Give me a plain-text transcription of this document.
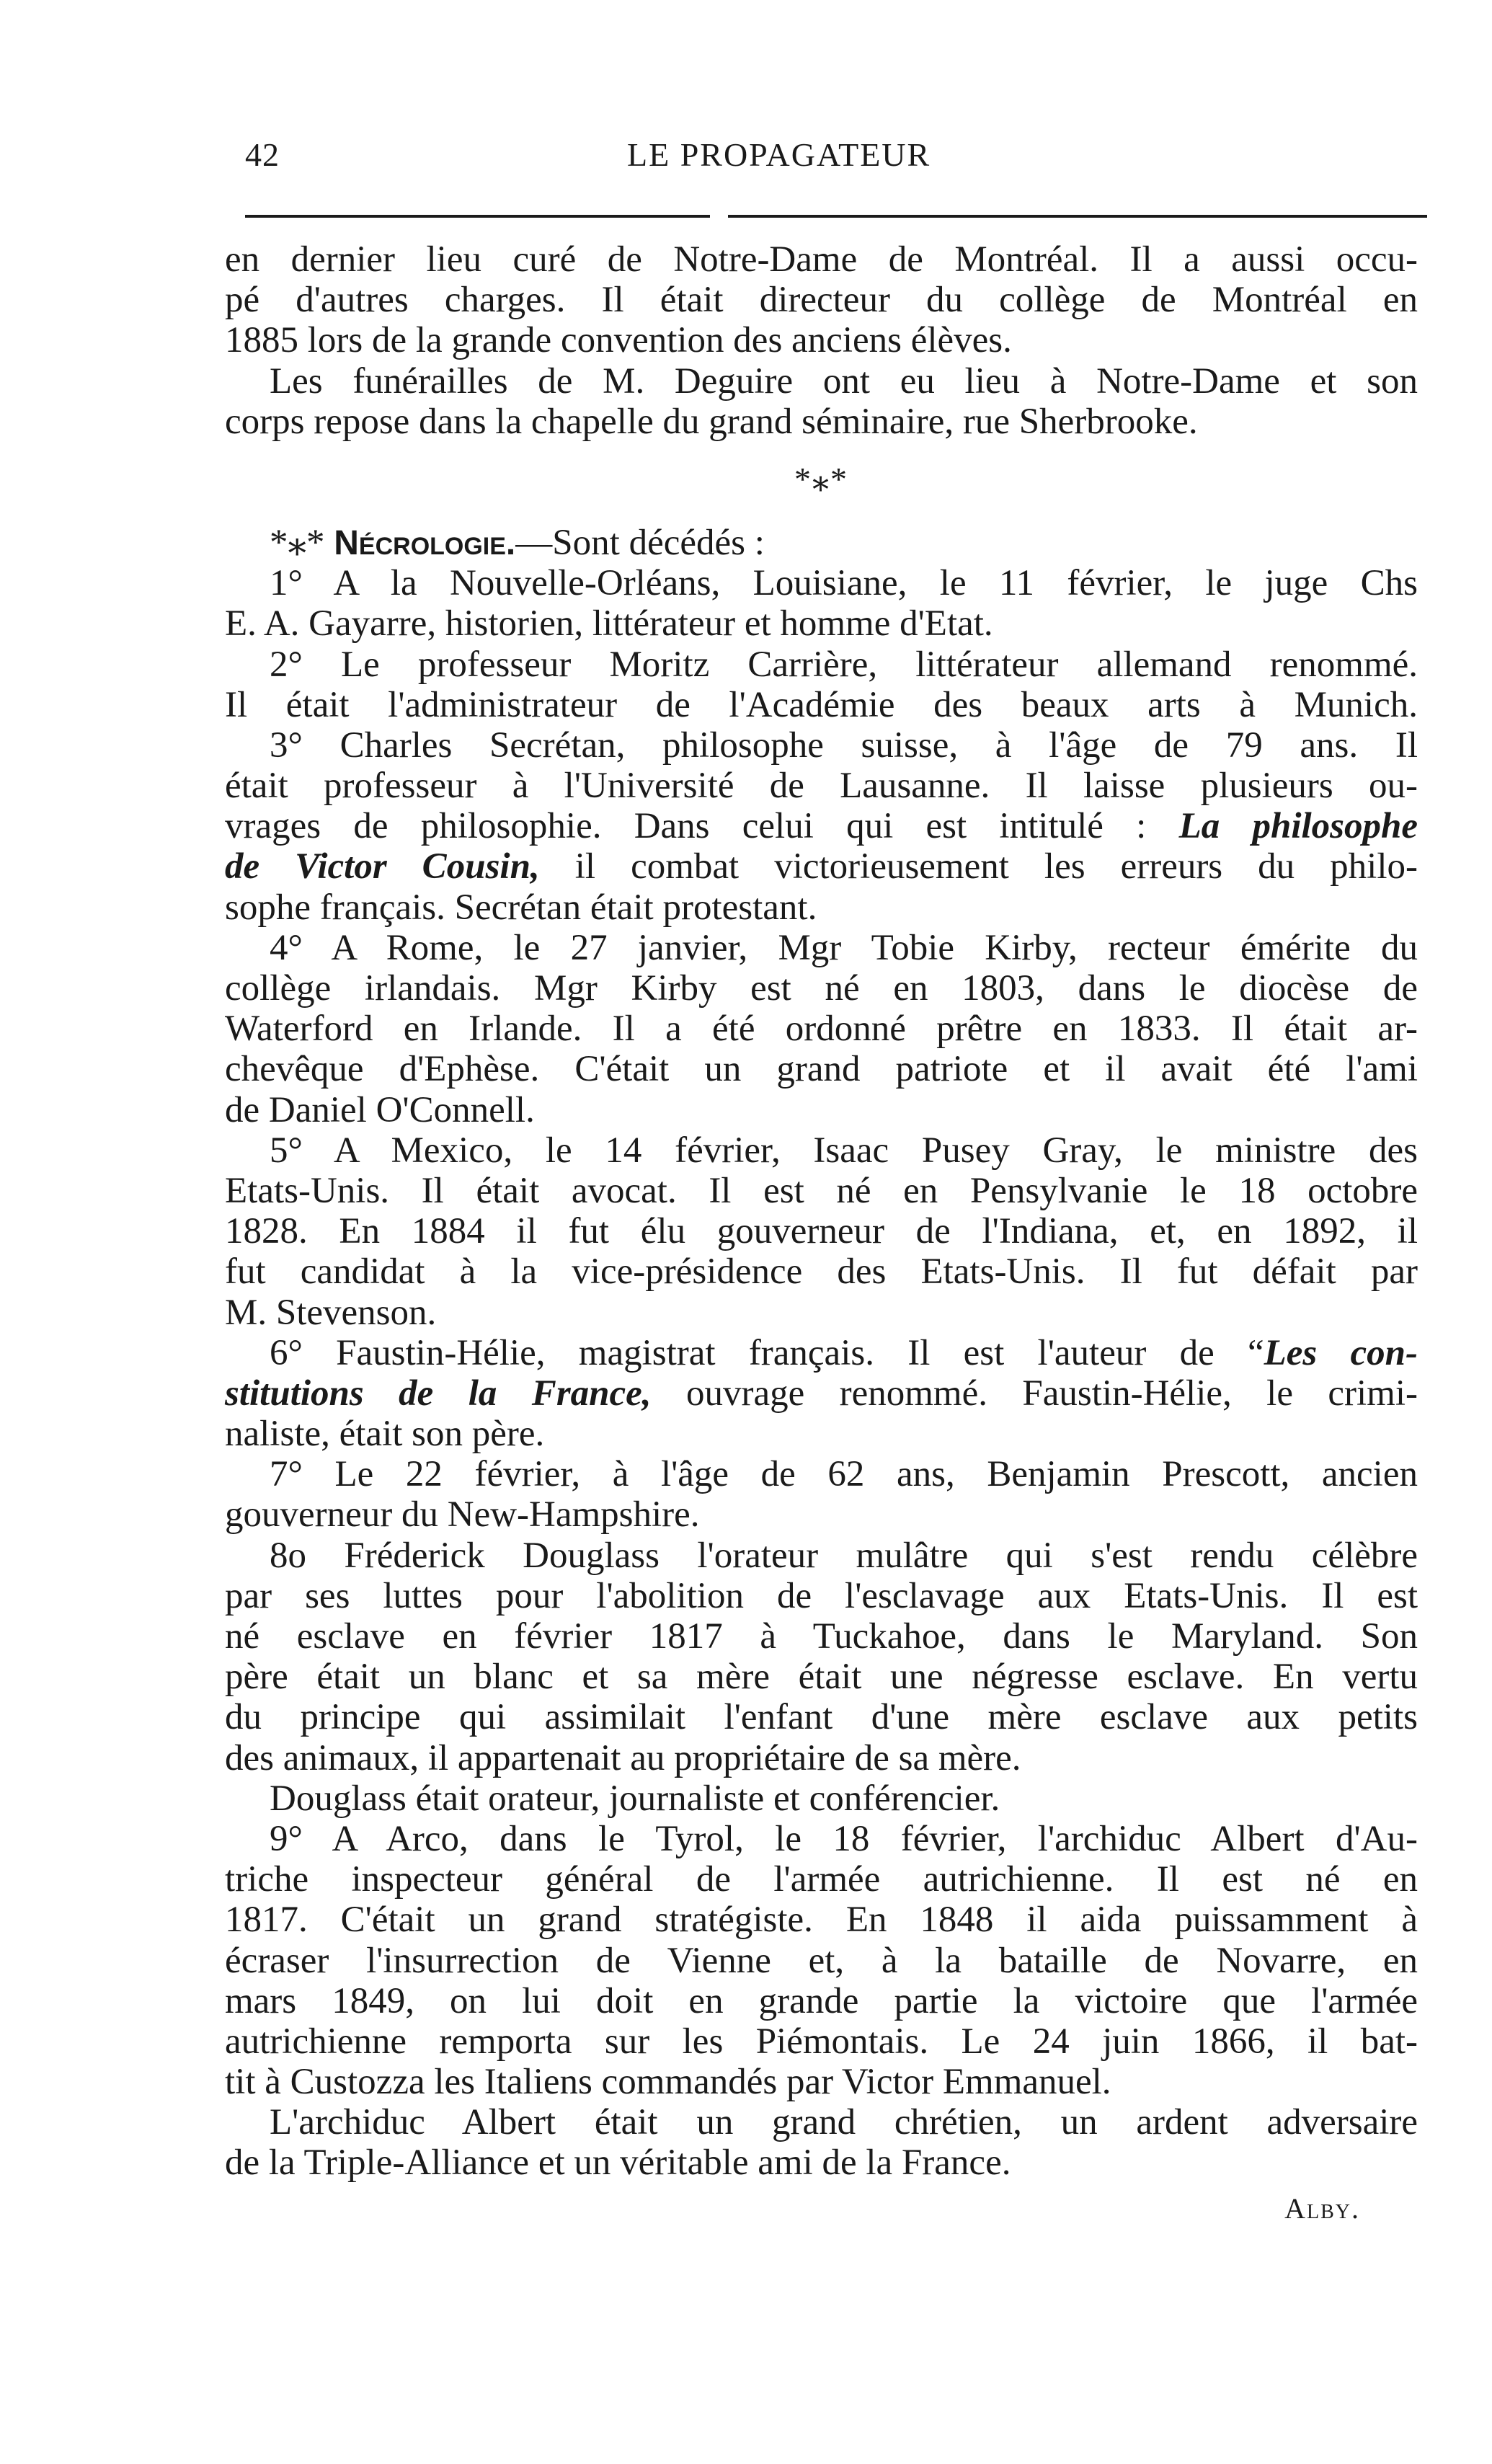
42	LE PROPAGATEUR
en dernier lieu curé de Notre-Dame de Montréal. Il a aussi occu-
pé d'autres charges. Il était directeur du collège de Montréal en
1885 lors de la grande convention des anciens élèves.
Les funérailles de M. Deguire ont eu lieu à Notre-Dame et son
corps repose dans la chapelle du grand séminaire, rue Sherbrooke.
*⁎*
*⁎* Nécrologie.—Sont décédés :
1° A la Nouvelle-Orléans, Louisiane, le 11 février, le juge Chs
E. A. Gayarre, historien, littérateur et homme d'Etat.
2° Le professeur Moritz Carrière, littérateur allemand renommé.
Il était l'administrateur de l'Académie des beaux arts à Munich.
3° Charles Secrétan, philosophe suisse, à l'âge de 79 ans. Il
était professeur à l'Université de Lausanne. Il laisse plusieurs ou-
vrages de philosophie. Dans celui qui est intitulé : La philosophe
de Victor Cousin, il combat victorieusement les erreurs du philo-
sophe français. Secrétan était protestant.
4° A Rome, le 27 janvier, Mgr Tobie Kirby, recteur émérite du
collège irlandais. Mgr Kirby est né en 1803, dans le diocèse de
Waterford en Irlande. Il a été ordonné prêtre en 1833. Il était ar-
chevêque d'Ephèse. C'était un grand patriote et il avait été l'ami
de Daniel O'Connell.
5° A Mexico, le 14 février, Isaac Pusey Gray, le ministre des
Etats-Unis. Il était avocat. Il est né en Pensylvanie le 18 octobre
1828. En 1884 il fut élu gouverneur de l'Indiana, et, en 1892, il
fut candidat à la vice-présidence des Etats-Unis. Il fut défait par
M. Stevenson.
6° Faustin-Hélie, magistrat français. Il est l'auteur de “Les con-
stitutions de la France, ouvrage renommé. Faustin-Hélie, le crimi-
naliste, était son père.
7° Le 22 février, à l'âge de 62 ans, Benjamin Prescott, ancien
gouverneur du New-Hampshire.
8o Fréderick Douglass l'orateur mulâtre qui s'est rendu célèbre
par ses luttes pour l'abolition de l'esclavage aux Etats-Unis. Il est
né esclave en février 1817 à Tuckahoe, dans le Maryland. Son
père était un blanc et sa mère était une négresse esclave. En vertu
du principe qui assimilait l'enfant d'une mère esclave aux petits
des animaux, il appartenait au propriétaire de sa mère.
Douglass était orateur, journaliste et conférencier.
9° A Arco, dans le Tyrol, le 18 février, l'archiduc Albert d'Au-
triche inspecteur général de l'armée autrichienne. Il est né en
1817. C'était un grand stratégiste. En 1848 il aida puissamment à
écraser l'insurrection de Vienne et, à la bataille de Novarre, en
mars 1849, on lui doit en grande partie la victoire que l'armée
autrichienne remporta sur les Piémontais. Le 24 juin 1866, il bat-
tit à Custozza les Italiens commandés par Victor Emmanuel.
L'archiduc Albert était un grand chrétien, un ardent adversaire
de la Triple-Alliance et un véritable ami de la France.
Alby.
